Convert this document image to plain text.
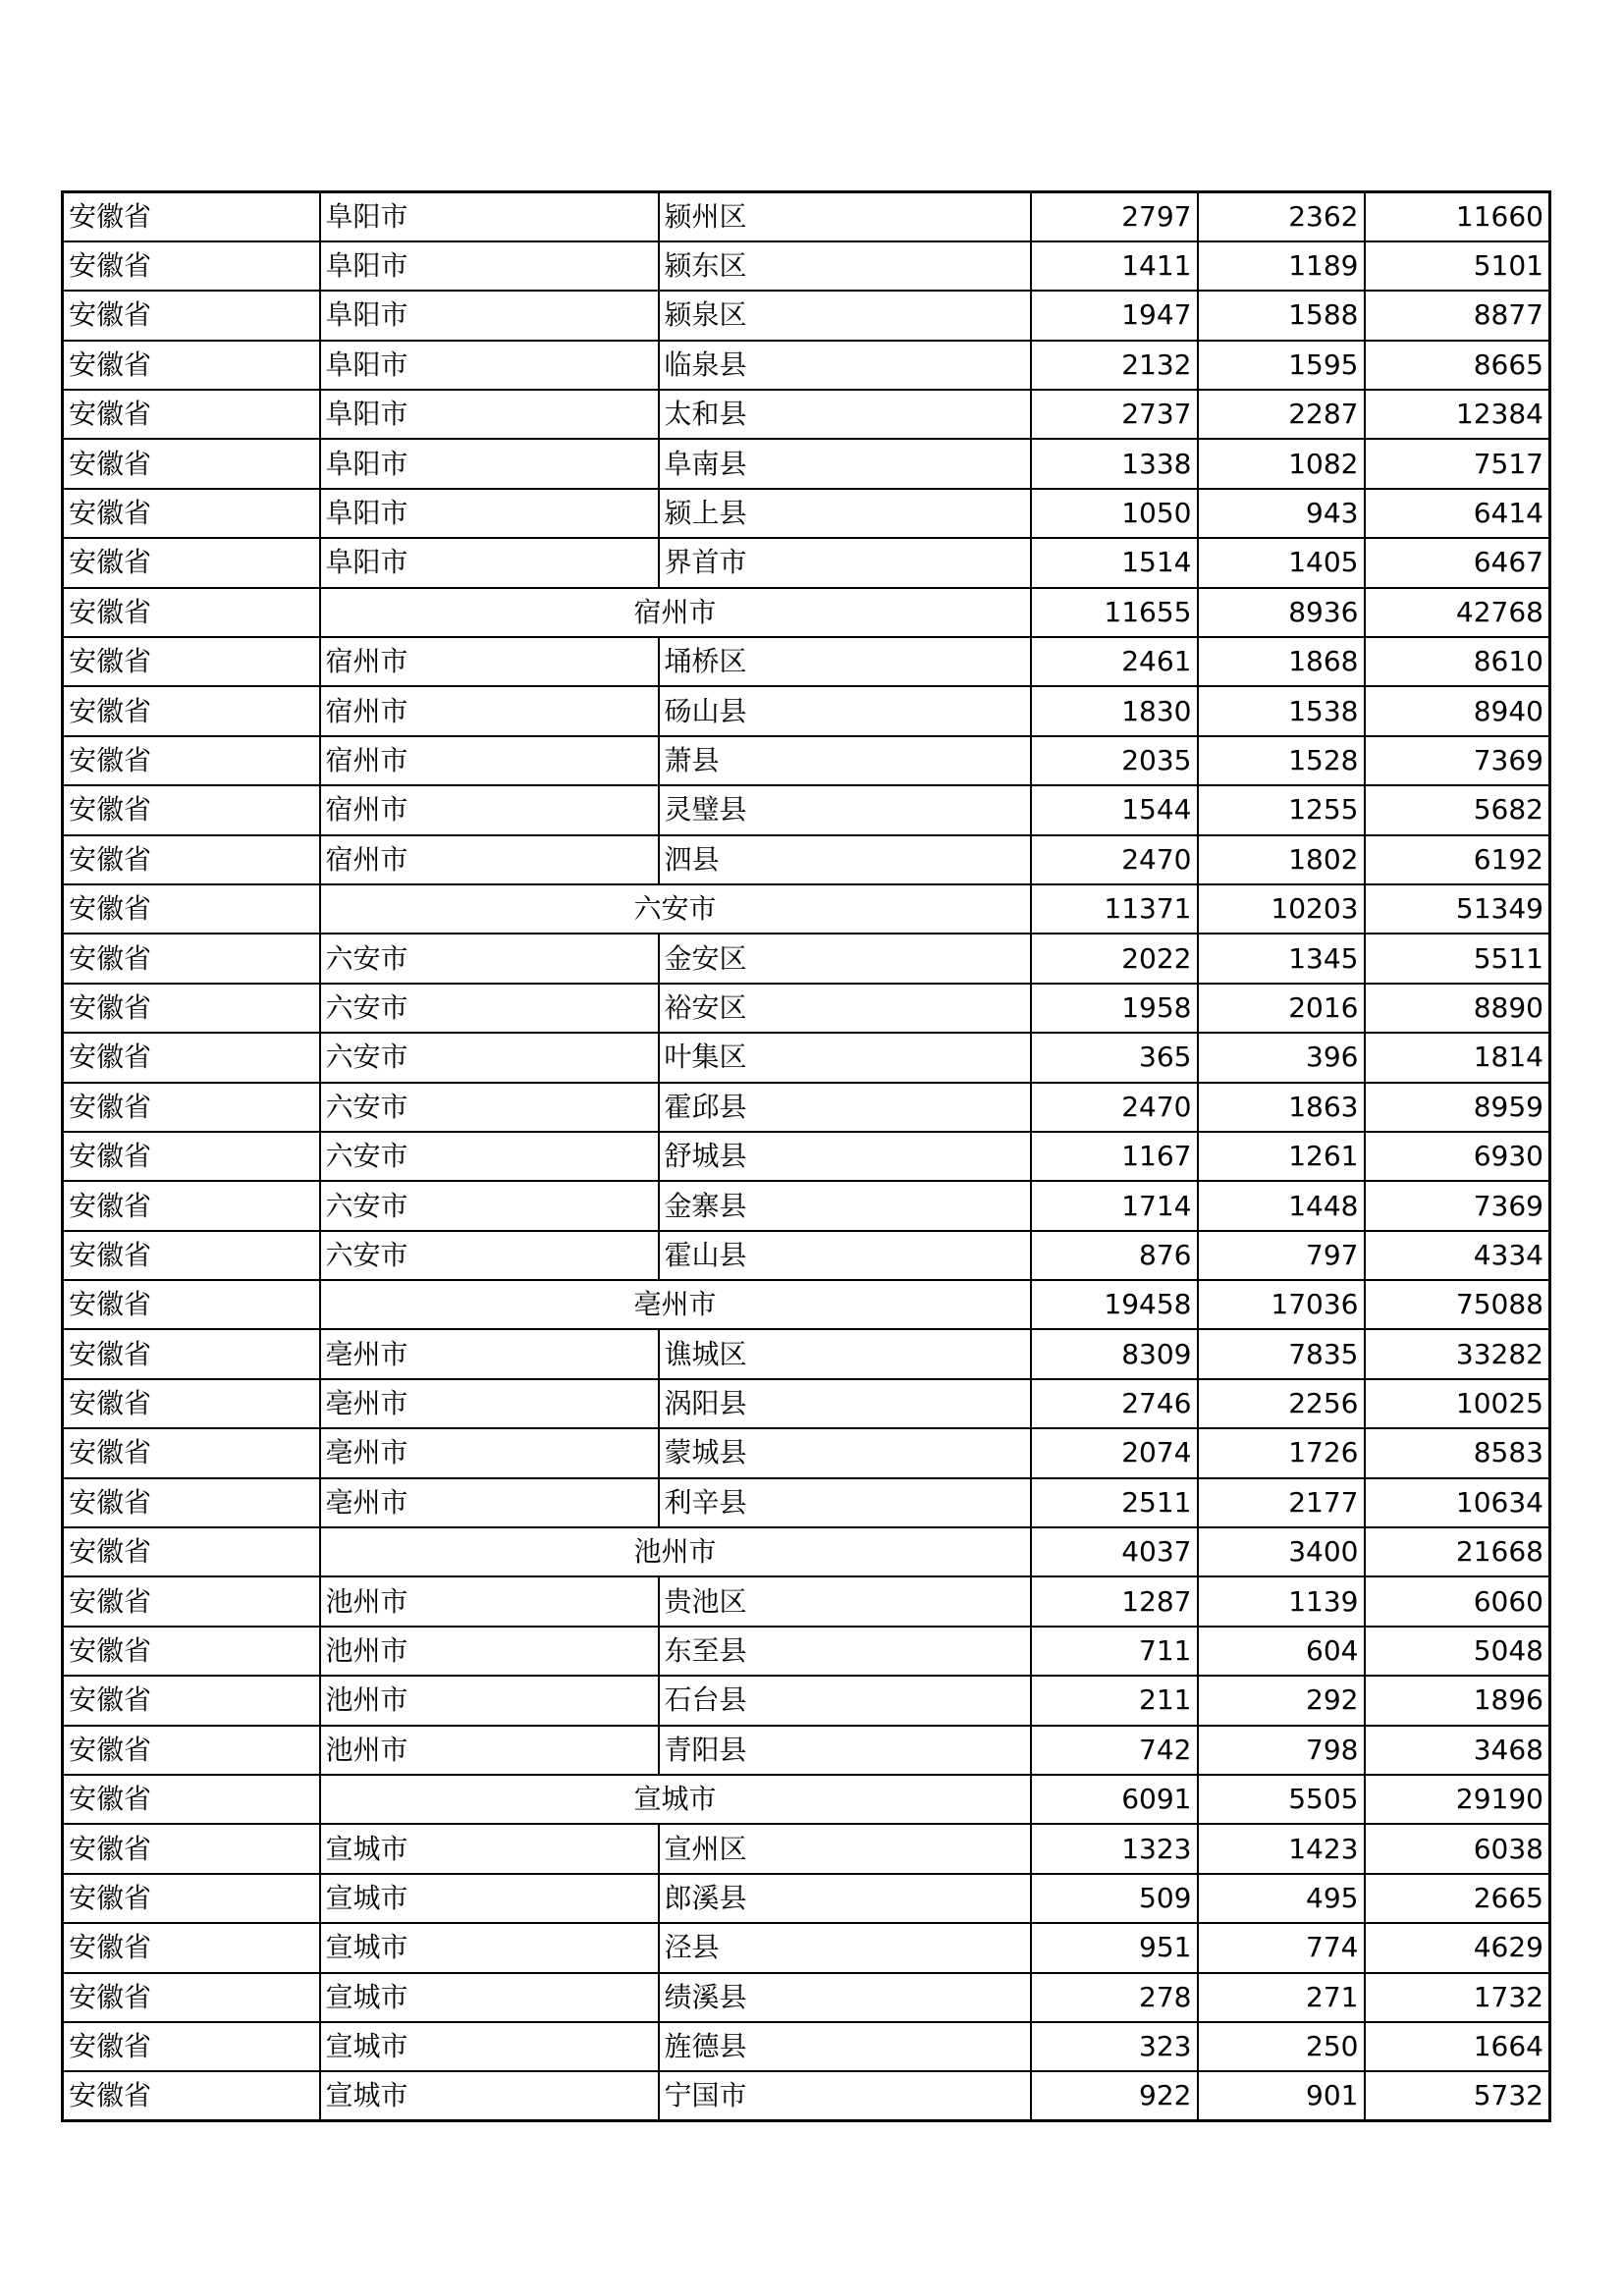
安徽省	阜阳市	颍州区	2797	2362	11660
安徽省	阜阳市	颍东区	1411	1189	5101
安徽省	阜阳市	颍泉区	1947	1588	8877
安徽省	阜阳市	临泉县	2132	1595	8665
安徽省	阜阳市	太和县	2737	2287	12384
安徽省	阜阳市	阜南县	1338	1082	7517
安徽省	阜阳市	颍上县	1050	943	6414
安徽省	阜阳市	界首市	1514	1405	6467
安徽省	宿州市		11655	8936	42768
安徽省	宿州市	埇桥区	2461	1868	8610
安徽省	宿州市	砀山县	1830	1538	8940
安徽省	宿州市	萧县	2035	1528	7369
安徽省	宿州市	灵璧县	1544	1255	5682
安徽省	宿州市	泗县	2470	1802	6192
安徽省	六安市		11371	10203	51349
安徽省	六安市	金安区	2022	1345	5511
安徽省	六安市	裕安区	1958	2016	8890
安徽省	六安市	叶集区	365	396	1814
安徽省	六安市	霍邱县	2470	1863	8959
安徽省	六安市	舒城县	1167	1261	6930
安徽省	六安市	金寨县	1714	1448	7369
安徽省	六安市	霍山县	876	797	4334
安徽省	亳州市		19458	17036	75088
安徽省	亳州市	谯城区	8309	7835	33282
安徽省	亳州市	涡阳县	2746	2256	10025
安徽省	亳州市	蒙城县	2074	1726	8583
安徽省	亳州市	利辛县	2511	2177	10634
安徽省	池州市		4037	3400	21668
安徽省	池州市	贵池区	1287	1139	6060
安徽省	池州市	东至县	711	604	5048
安徽省	池州市	石台县	211	292	1896
安徽省	池州市	青阳县	742	798	3468
安徽省	宣城市		6091	5505	29190
安徽省	宣城市	宣州区	1323	1423	6038
安徽省	宣城市	郎溪县	509	495	2665
安徽省	宣城市	泾县	951	774	4629
安徽省	宣城市	绩溪县	278	271	1732
安徽省	宣城市	旌德县	323	250	1664
安徽省	宣城市	宁国市	922	901	5732
